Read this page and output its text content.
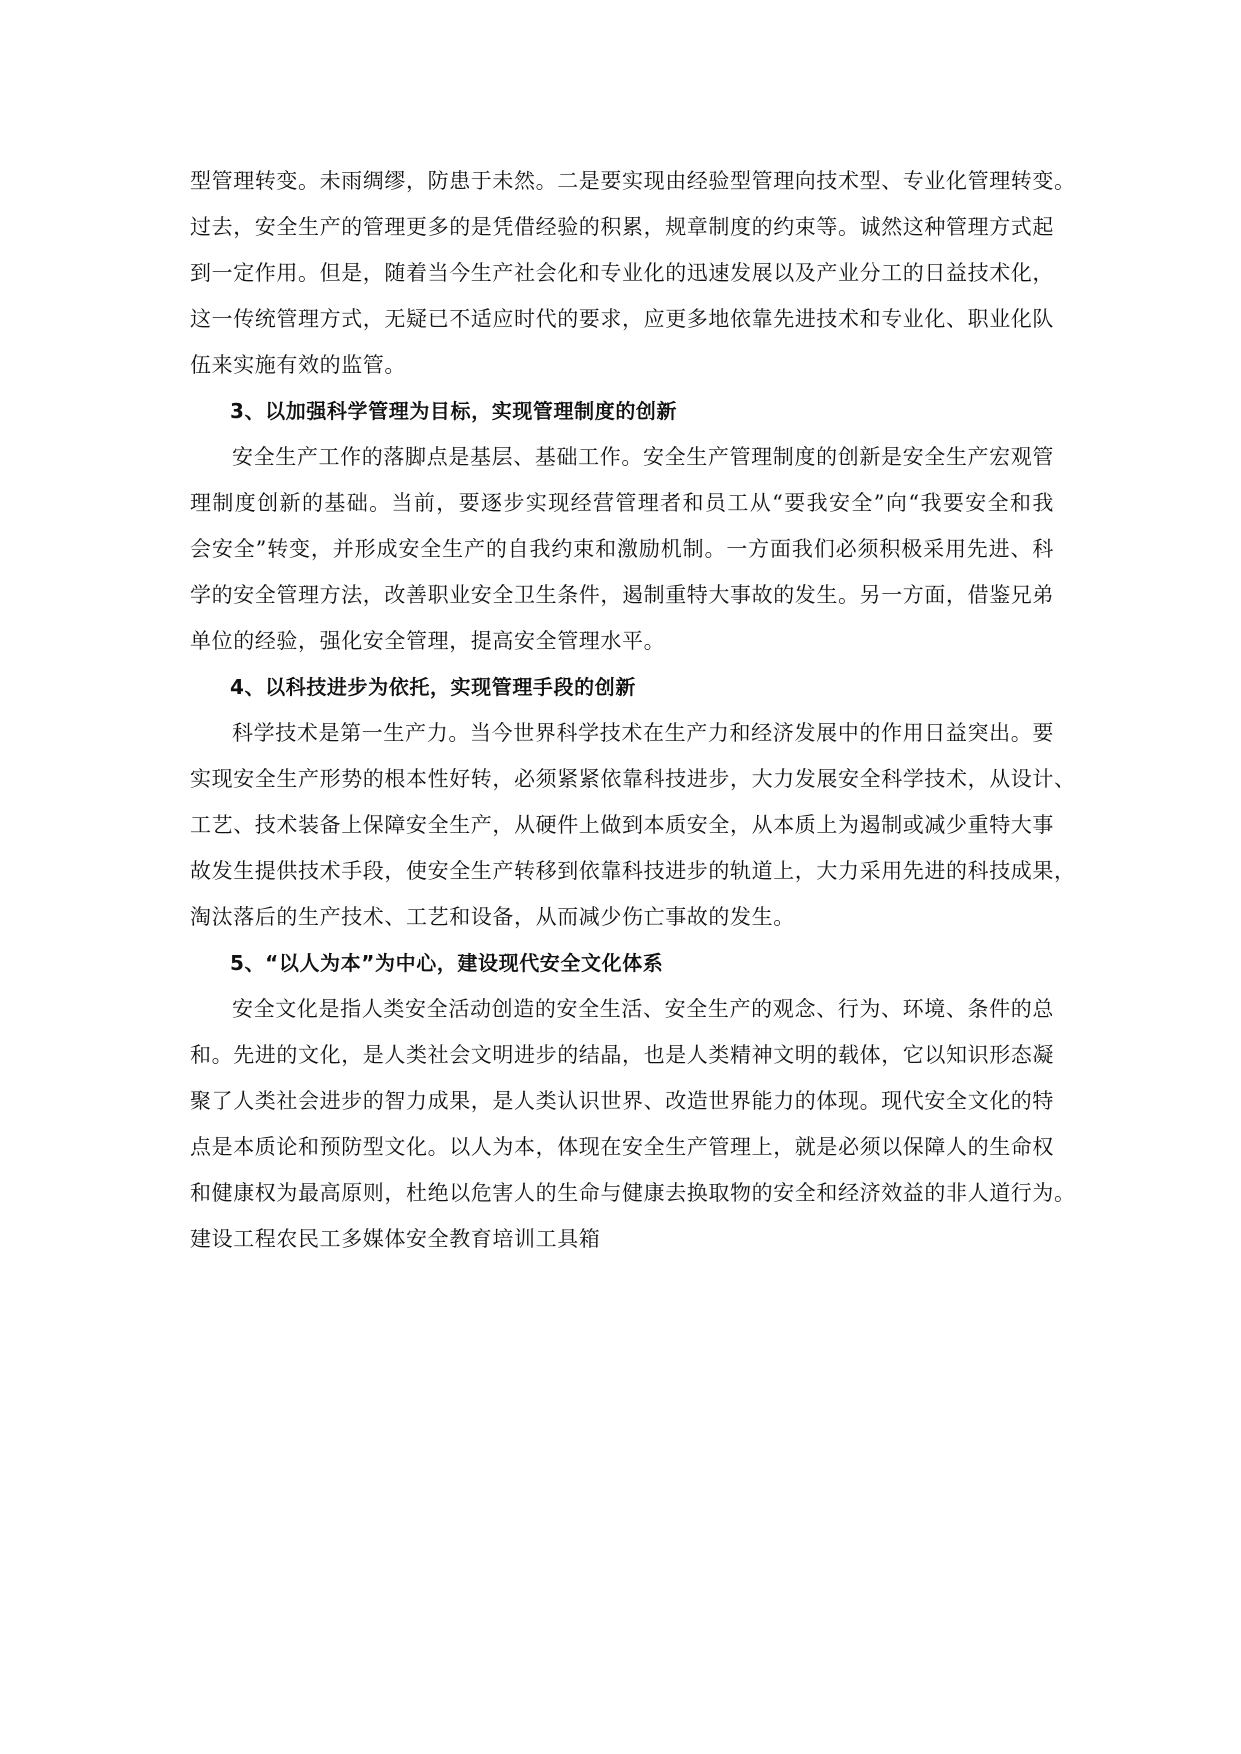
型管理转变。未雨绸缪，防患于未然。二是要实现由经验型管理向技术型、专业化管理转变。
过去，安全生产的管理更多的是凭借经验的积累，规章制度的约束等。诚然这种管理方式起
到一定作用。但是，随着当今生产社会化和专业化的迅速发展以及产业分工的日益技术化，
这一传统管理方式，无疑已不适应时代的要求，应更多地依靠先进技术和专业化、职业化队
伍来实施有效的监管。
3、以加强科学管理为目标，实现管理制度的创新
安全生产工作的落脚点是基层、基础工作。安全生产管理制度的创新是安全生产宏观管
理制度创新的基础。当前，要逐步实现经营管理者和员工从“要我安全”向“我要安全和我
会安全”转变，并形成安全生产的自我约束和激励机制。一方面我们必须积极采用先进、科
学的安全管理方法，改善职业安全卫生条件，遏制重特大事故的发生。另一方面，借鉴兄弟
单位的经验，强化安全管理，提高安全管理水平。
4、以科技进步为依托，实现管理手段的创新
科学技术是第一生产力。当今世界科学技术在生产力和经济发展中的作用日益突出。要
实现安全生产形势的根本性好转，必须紧紧依靠科技进步，大力发展安全科学技术，从设计、
工艺、技术装备上保障安全生产，从硬件上做到本质安全，从本质上为遏制或减少重特大事
故发生提供技术手段，使安全生产转移到依靠科技进步的轨道上，大力采用先进的科技成果，
淘汰落后的生产技术、工艺和设备，从而减少伤亡事故的发生。
5、“以人为本”为中心，建设现代安全文化体系
安全文化是指人类安全活动创造的安全生活、安全生产的观念、行为、环境、条件的总
和。先进的文化，是人类社会文明进步的结晶，也是人类精神文明的载体，它以知识形态凝
聚了人类社会进步的智力成果，是人类认识世界、改造世界能力的体现。现代安全文化的特
点是本质论和预防型文化。以人为本，体现在安全生产管理上，就是必须以保障人的生命权
和健康权为最高原则，杜绝以危害人的生命与健康去换取物的安全和经济效益的非人道行为。
建设工程农民工多媒体安全教育培训工具箱
